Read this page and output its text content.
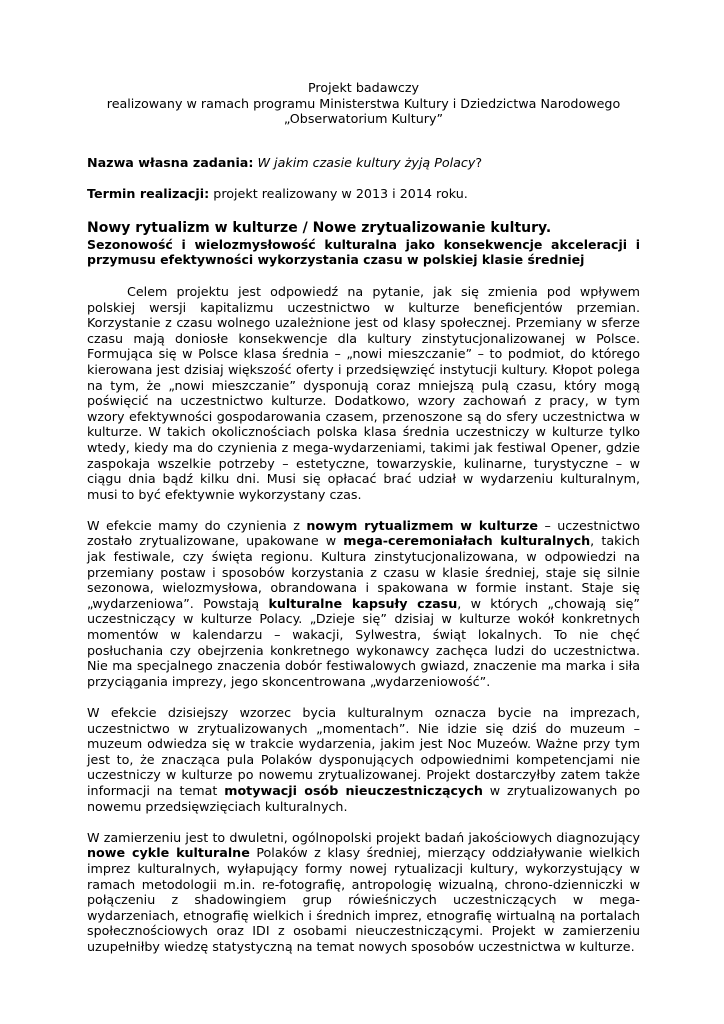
Projekt badawczy
realizowany w ramach programu Ministerstwa Kultury i Dziedzictwa Narodowego
„Obserwatorium Kultury”
Nazwa własna zadania: W jakim czasie kultury żyją Polacy?
Termin realizacji: projekt realizowany w 2013 i 2014 roku.
Nowy rytualizm w kulturze / Nowe zrytualizowanie kultury.
Sezonowość i wielozmysłowość kulturalna jako konsekwencje akceleracji i przymusu efektywności wykorzystania czasu w polskiej klasie średniej

Celem projektu jest odpowiedź na pytanie, jak się zmienia pod wpływem polskiej wersji kapitalizmu uczestnictwo w kulturze beneficjentów przemian. Korzystanie z czasu wolnego uzależnione jest od klasy społecznej. Przemiany w sferze czasu mają doniosłe konsekwencje dla kultury zinstytucjonalizowanej w Polsce. Formująca się w Polsce klasa średnia – „nowi mieszczanie” – to podmiot, do którego kierowana jest dzisiaj większość oferty i przedsięwzięć instytucji kultury. Kłopot polega na tym, że „nowi mieszczanie” dysponują coraz mniejszą pulą czasu, który mogą poświęcić na uczestnictwo kulturze. Dodatkowo, wzory zachowań z pracy, w tym wzory efektywności gospodarowania czasem, przenoszone są do sfery uczestnictwa w kulturze. W takich okolicznościach polska klasa średnia uczestniczy w kulturze tylko wtedy, kiedy ma do czynienia z mega-wydarzeniami, takimi jak festiwal Opener, gdzie zaspokaja wszelkie potrzeby – estetyczne, towarzyskie, kulinarne, turystyczne – w ciągu dnia bądź kilku dni. Musi się opłacać brać udział w wydarzeniu kulturalnym, musi to być efektywnie wykorzystany czas.

W efekcie mamy do czynienia z nowym rytualizmem w kulturze – uczestnictwo zostało zrytualizowane, upakowane w mega-ceremoniałach kulturalnych, takich jak festiwale, czy święta regionu. Kultura zinstytucjonalizowana, w odpowiedzi na przemiany postaw i sposobów korzystania z czasu w klasie średniej, staje się silnie sezonowa, wielozmysłowa, obrandowana i spakowana w formie instant. Staje się „wydarzeniowa”. Powstają kulturalne kapsuły czasu, w których „chowają się” uczestniczący w kulturze Polacy. „Dzieje się” dzisiaj w kulturze wokół konkretnych momentów w kalendarzu – wakacji, Sylwestra, świąt lokalnych. To nie chęć posłuchania czy obejrzenia konkretnego wykonawcy zachęca ludzi do uczestnictwa. Nie ma specjalnego znaczenia dobór festiwalowych gwiazd, znaczenie ma marka i siła przyciągania imprezy, jego skoncentrowana „wydarzeniowość”.

W efekcie dzisiejszy wzorzec bycia kulturalnym oznacza bycie na imprezach, uczestnictwo w zrytualizowanych „momentach”. Nie idzie się dziś do muzeum – muzeum odwiedza się w trakcie wydarzenia, jakim jest Noc Muzeów. Ważne przy tym jest to, że znacząca pula Polaków dysponujących odpowiednimi kompetencjami nie uczestniczy w kulturze po nowemu zrytualizowanej. Projekt dostarczyłby zatem także informacji na temat motywacji osób nieuczestniczących w zrytualizowanych po nowemu przedsięwzięciach kulturalnych.

W zamierzeniu jest to dwuletni, ogólnopolski projekt badań jakościowych diagnozujący nowe cykle kulturalne Polaków z klasy średniej, mierzący oddziaływanie wielkich imprez kulturalnych, wyłapujący formy nowej rytualizacji kultury, wykorzystujący w ramach metodologii m.in. re-fotografię, antropologię wizualną, chrono-dzienniczki w połączeniu z shadowingiem grup rówieśniczych uczestniczących w mega-wydarzeniach, etnografię wielkich i średnich imprez, etnografię wirtualną na portalach społecznościowych oraz IDI z osobami nieuczestniczącymi. Projekt w zamierzeniu uzupełniłby wiedzę statystyczną na temat nowych sposobów uczestnictwa w kulturze.
